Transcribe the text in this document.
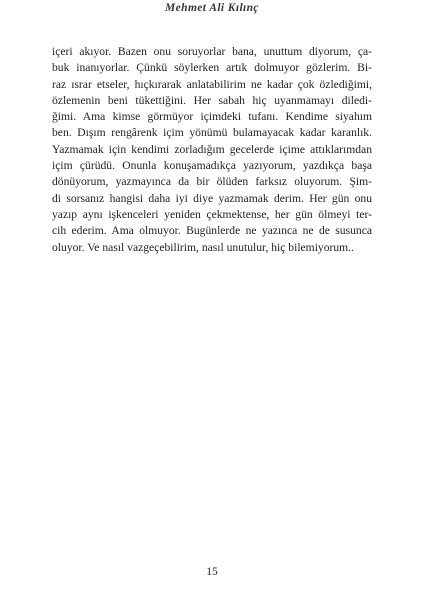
Mehmet Ali Kılınç
içeri akıyor. Bazen onu soruyorlar bana, unuttum diyorum, ça-
buk inanıyorlar. Çünkü söylerken artık dolmuyor gözlerim. Bi-
raz ısrar etseler, hıçkırarak anlatabilirim ne kadar çok özlediğimi,
özlemenin beni tükettiğini. Her sabah hiç uyanmamayı diledi-
ğimi. Ama kimse görmüyor içimdeki tufanı. Kendime siyahım
ben. Dışım rengârenk içim yönümü bulamayacak kadar karanlık.
Yazmamak için kendimi zorladığım gecelerde içime attıklarımdan
içim çürüdü. Onunla konuşamadıkça yazıyorum, yazdıkça başa
dönüyorum, yazmayınca da bir ölüden farksız oluyorum. Şim-
di sorsanız hangisi daha iyi diye yazmamak derim. Her gün onu
yazıp aynı işkenceleri yeniden çekmektense, her gün ölmeyi ter-
cih ederim. Ama olmuyor. Bugünlerde ne yazınca ne de susunca
oluyor. Ve nasıl vazgeçebilirim, nasıl unutulur, hiç bilemiyorum..
15
